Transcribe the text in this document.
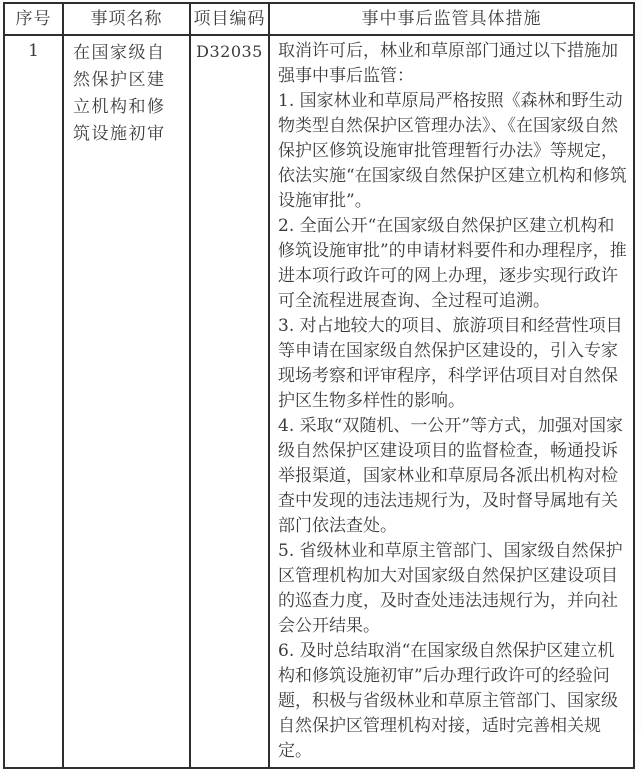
序号	事项名称	项目编码	事中事后监管具体措施
1	在国家级自然保护区建立机构和修筑设施初审	D32035	取消许可后，林业和草原部门通过以下措施加强事中事后监管：

1. 国家林业和草原局严格按照《森林和野生动物类型自然保护区管理办法》、《在国家级自然保护区修筑设施审批管理暂行办法》等规定，依法实施“在国家级自然保护区建立机构和修筑设施审批”。

2. 全面公开“在国家级自然保护区建立机构和修筑设施审批”的申请材料要件和办理程序，推进本项行政许可的网上办理，逐步实现行政许可全流程进展查询、全过程可追溯。

3. 对占地较大的项目、旅游项目和经营性项目等申请在国家级自然保护区建设的，引入专家现场考察和评审程序，科学评估项目对自然保护区生物多样性的影响。

4. 采取“双随机、一公开”等方式，加强对国家级自然保护区建设项目的监督检查，畅通投诉举报渠道，国家林业和草原局各派出机构对检查中发现的违法违规行为，及时督导属地有关部门依法查处。

5. 省级林业和草原主管部门、国家级自然保护区管理机构加大对国家级自然保护区建设项目的巡查力度，及时查处违法违规行为，并向社会公开结果。

6. 及时总结取消“在国家级自然保护区建立机构和修筑设施初审”后办理行政许可的经验问题，积极与省级林业和草原主管部门、国家级自然保护区管理机构对接，适时完善相关规定。
